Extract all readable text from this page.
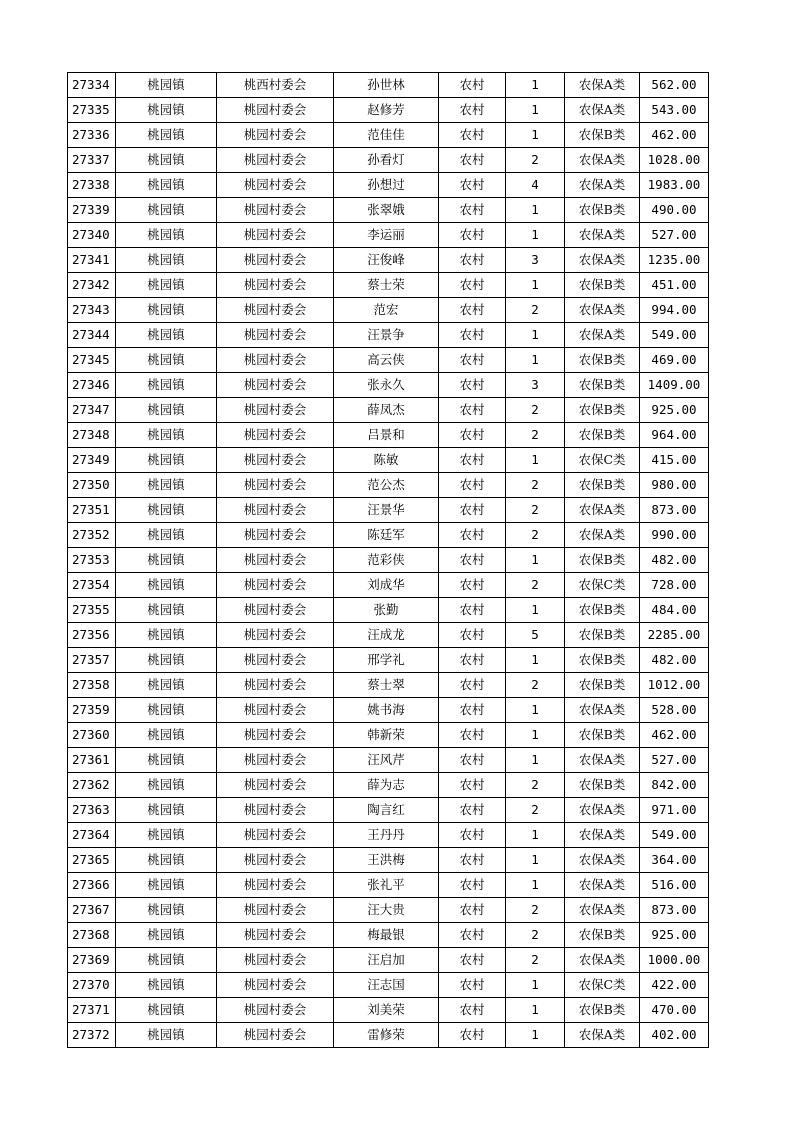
27334	桃园镇	桃西村委会	孙世林	农村	1	农保A类	562.00
27335	桃园镇	桃园村委会	赵修芳	农村	1	农保A类	543.00
27336	桃园镇	桃园村委会	范佳佳	农村	1	农保B类	462.00
27337	桃园镇	桃园村委会	孙看灯	农村	2	农保A类	1028.00
27338	桃园镇	桃园村委会	孙想过	农村	4	农保A类	1983.00
27339	桃园镇	桃园村委会	张翠娥	农村	1	农保B类	490.00
27340	桃园镇	桃园村委会	李运丽	农村	1	农保A类	527.00
27341	桃园镇	桃园村委会	汪俊峰	农村	3	农保A类	1235.00
27342	桃园镇	桃园村委会	蔡士荣	农村	1	农保B类	451.00
27343	桃园镇	桃园村委会	范宏	农村	2	农保A类	994.00
27344	桃园镇	桃园村委会	汪景争	农村	1	农保A类	549.00
27345	桃园镇	桃园村委会	高云侠	农村	1	农保B类	469.00
27346	桃园镇	桃园村委会	张永久	农村	3	农保B类	1409.00
27347	桃园镇	桃园村委会	薛凤杰	农村	2	农保B类	925.00
27348	桃园镇	桃园村委会	吕景和	农村	2	农保B类	964.00
27349	桃园镇	桃园村委会	陈敏	农村	1	农保C类	415.00
27350	桃园镇	桃园村委会	范公杰	农村	2	农保B类	980.00
27351	桃园镇	桃园村委会	汪景华	农村	2	农保A类	873.00
27352	桃园镇	桃园村委会	陈廷军	农村	2	农保A类	990.00
27353	桃园镇	桃园村委会	范彩侠	农村	1	农保B类	482.00
27354	桃园镇	桃园村委会	刘成华	农村	2	农保C类	728.00
27355	桃园镇	桃园村委会	张勤	农村	1	农保B类	484.00
27356	桃园镇	桃园村委会	汪成龙	农村	5	农保B类	2285.00
27357	桃园镇	桃园村委会	邢学礼	农村	1	农保B类	482.00
27358	桃园镇	桃园村委会	蔡士翠	农村	2	农保B类	1012.00
27359	桃园镇	桃园村委会	姚书海	农村	1	农保A类	528.00
27360	桃园镇	桃园村委会	韩新荣	农村	1	农保B类	462.00
27361	桃园镇	桃园村委会	汪风芹	农村	1	农保A类	527.00
27362	桃园镇	桃园村委会	薛为志	农村	2	农保B类	842.00
27363	桃园镇	桃园村委会	陶言红	农村	2	农保A类	971.00
27364	桃园镇	桃园村委会	王丹丹	农村	1	农保A类	549.00
27365	桃园镇	桃园村委会	王洪梅	农村	1	农保A类	364.00
27366	桃园镇	桃园村委会	张礼平	农村	1	农保A类	516.00
27367	桃园镇	桃园村委会	汪大贵	农村	2	农保A类	873.00
27368	桃园镇	桃园村委会	梅最银	农村	2	农保B类	925.00
27369	桃园镇	桃园村委会	汪启加	农村	2	农保A类	1000.00
27370	桃园镇	桃园村委会	汪志国	农村	1	农保C类	422.00
27371	桃园镇	桃园村委会	刘美荣	农村	1	农保B类	470.00
27372	桃园镇	桃园村委会	雷修荣	农村	1	农保A类	402.00
